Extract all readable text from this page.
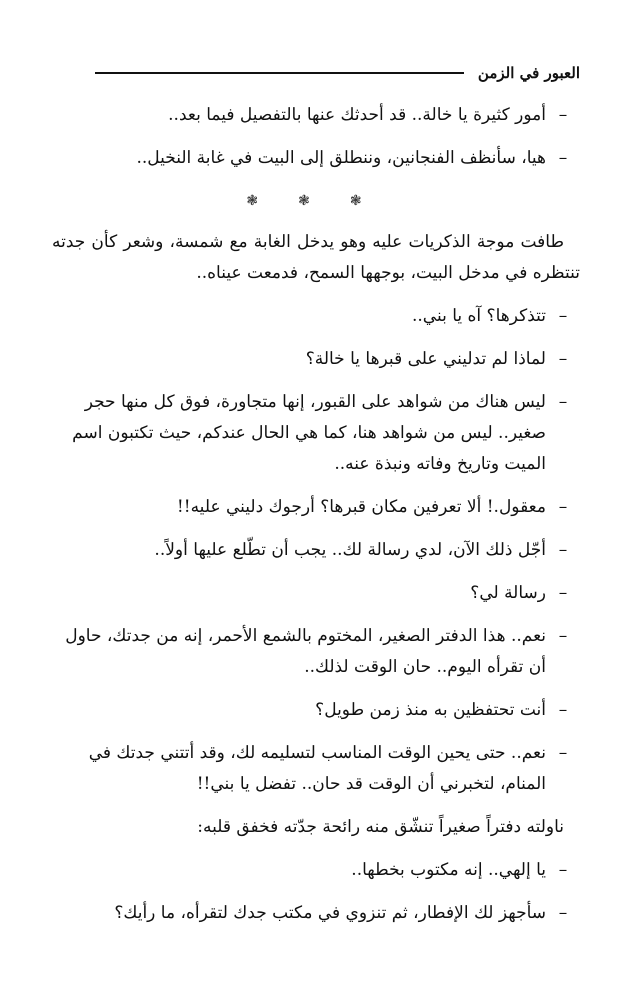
العبور في الزمن
–
أمور كثيرة يا خالة.. قد أحدثك عنها بالتفصيل فيما بعد..
–
هيا، سأنظف الفنجانين، وننطلق إلى البيت في غابة النخيل..
❃❃❃

طافت موجة الذكريات عليه وهو يدخل الغابة مع شمسة، وشعر كأن جدته تنتظره في مدخل البيت، بوجهها السمح، فدمعت عيناه..

–
تتذكرها؟ آه يا بني..
–
لماذا لم تدليني على قبرها يا خالة؟
–
ليس هناك من شواهد على القبور، إنها متجاورة، فوق كل منها حجر صغير.. ليس من شواهد هنا، كما هي الحال عندكم، حيث تكتبون اسم الميت وتاريخ وفاته ونبذة عنه..
–
معقول.! ألا تعرفين مكان قبرها؟ أرجوك دليني عليه!!
–
أجّل ذلك الآن، لدي رسالة لك.. يجب أن تطّلع عليها أولاً..
–
رسالة لي؟
–
نعم.. هذا الدفتر الصغير، المختوم بالشمع الأحمر، إنه من جدتك، حاول أن تقرأه اليوم.. حان الوقت لذلك..
–
أنت تحتفظين به منذ زمن طويل؟
–
نعم.. حتى يحين الوقت المناسب لتسليمه لك، وقد أتتني جدتك في المنام، لتخبرني أن الوقت قد حان.. تفضل يا بني!!

ناولته دفتراً صغيراً تنشّق منه رائحة جدّته فخفق قلبه:

–
يا إلهي.. إنه مكتوب بخطها..
–
سأجهز لك الإفطار، ثم تنزوي في مكتب جدك لتقرأه، ما رأيك؟
